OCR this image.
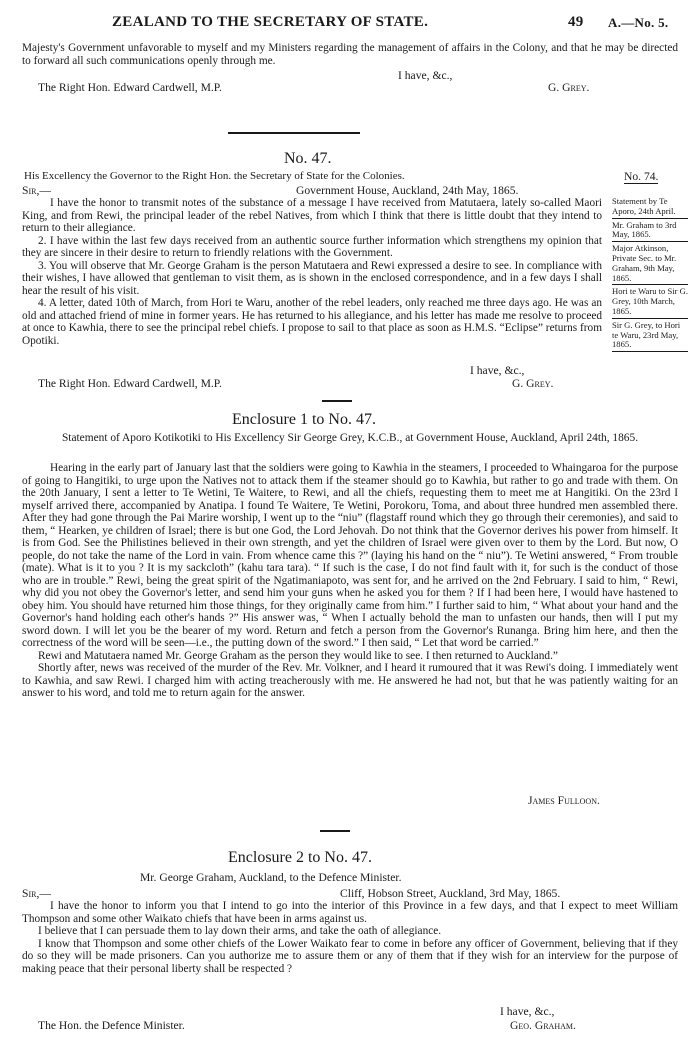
ZEALAND TO THE SECRETARY OF STATE.	49 A.—No. 5.

Majesty's Government unfavorable to myself and my Ministers regarding the management of affairs in the Colony, and that he may be directed to forward all such communications openly through me.

I have, &c.,
The Right Hon. Edward Cardwell, M.P.	G. Grey.
No. 47.
His Excellency the Governor to the Right Hon. the Secretary of State for the Colonies.	No. 74.
Sir,—	Government House, Auckland, 24th May, 1865.

I have the honor to transmit notes of the substance of a message I have received from Matutaera, lately so-called Maori King, and from Rewi, the principal leader of the rebel Natives, from which I think that there is little doubt that they intend to return to their allegiance.

2. I have within the last few days received from an authentic source further information which strengthens my opinion that they are sincere in their desire to return to friendly relations with the Government.

3. You will observe that Mr. George Graham is the person Matutaera and Rewi expressed a desire to see. In compliance with their wishes, I have allowed that gentleman to visit them, as is shown in the enclosed correspondence, and in a few days I shall hear the result of his visit.

4. A letter, dated 10th of March, from Hori te Waru, another of the rebel leaders, only reached me three days ago. He was an old and attached friend of mine in former years. He has returned to his allegiance, and his letter has made me resolve to proceed at once to Kawhia, there to see the principal rebel chiefs. I propose to sail to that place as soon as H.M.S. “Eclipse” returns from Opotiki.

I have, &c.,
The Right Hon. Edward Cardwell, M.P.	G. Grey.
Statement by Te Aporo, 24th April.
Mr. Graham to 3rd May, 1865.
Major Atkinson, Private Sec. to Mr. Graham, 9th May, 1865.
Hori te Waru to Sir G. Grey, 10th March, 1865.
Sir G. Grey, to Hori te Waru, 23rd May, 1865.
Enclosure 1 to No. 47.

Statement of Aporo Kotikotiki to His Excellency Sir George Grey, K.C.B., at Government House, Auckland, April 24th, 1865.

Hearing in the early part of January last that the soldiers were going to Kawhia in the steamers, I proceeded to Whaingaroa for the purpose of going to Hangitiki, to urge upon the Natives not to attack them if the steamer should go to Kawhia, but rather to go and trade with them. On the 20th January, I sent a letter to Te Wetini, Te Waitere, to Rewi, and all the chiefs, requesting them to meet me at Hangitiki. On the 23rd I myself arrived there, accompanied by Anatipa. I found Te Waitere, Te Wetini, Porokoru, Toma, and about three hundred men assembled there. After they had gone through the Pai Marire worship, I went up to the “niu” (flagstaff round which they go through their ceremonies), and said to them, “ Hearken, ye children of Israel; there is but one God, the Lord Jehovah. Do not think that the Governor derives his power from himself. It is from God. See the Philistines believed in their own strength, and yet the children of Israel were given over to them by the Lord. But now, O people, do not take the name of the Lord in vain. From whence came this ?” (laying his hand on the “ niu”). Te Wetini answered, “ From trouble (mate). What is it to you ? It is my sackcloth” (kahu tara tara). “ If such is the case, I do not find fault with it, for such is the conduct of those who are in trouble.” Rewi, being the great spirit of the Ngatimaniapoto, was sent for, and he arrived on the 2nd February. I said to him, “ Rewi, why did you not obey the Governor's letter, and send him your guns when he asked you for them ? If I had been here, I would have hastened to obey him. You should have returned him those things, for they originally came from him.” I further said to him, “ What about your hand and the Governor's hand holding each other's hands ?” His answer was, “ When I actually behold the man to unfasten our hands, then will I put my sword down. I will let you be the bearer of my word. Return and fetch a person from the Governor's Runanga. Bring him here, and then the correctness of the word will be seen—i.e., the putting down of the sword.” I then said, “ Let that word be carried.”

Rewi and Matutaera named Mr. George Graham as the person they would like to see. I then returned to Auckland.”

Shortly after, news was received of the murder of the Rev. Mr. Volkner, and I heard it rumoured that it was Rewi's doing. I immediately went to Kawhia, and saw Rewi. I charged him with acting treacherously with me. He answered he had not, but that he was patiently waiting for an answer to his word, and told me to return again for the answer.

James Fulloon.
Enclosure 2 to No. 47.
Mr. George Graham, Auckland, to the Defence Minister.
Sir,—	Cliff, Hobson Street, Auckland, 3rd May, 1865.

I have the honor to inform you that I intend to go into the interior of this Province in a few days, and that I expect to meet William Thompson and some other Waikato chiefs that have been in arms against us.

I believe that I can persuade them to lay down their arms, and take the oath of allegiance.

I know that Thompson and some other chiefs of the Lower Waikato fear to come in before any officer of Government, believing that if they do so they will be made prisoners. Can you authorize me to assure them or any of them that if they wish for an interview for the purpose of making peace that their personal liberty shall be respected ?

I have, &c.,
The Hon. the Defence Minister.	Geo. Graham.
